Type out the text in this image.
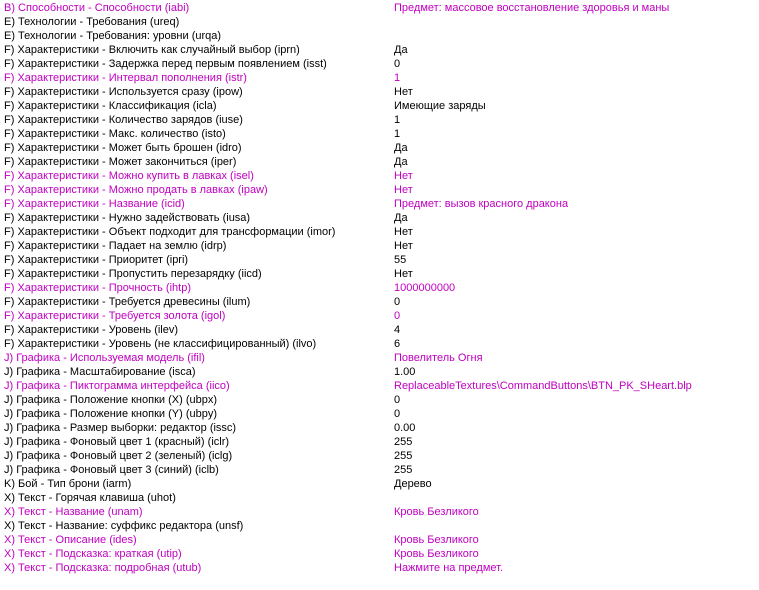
B) Способности - Способности (iabi)	Предмет: массовое восстановление здоровья и маны
E) Технологии - Требования (ureq)
E) Технологии - Требования: уровни (urqa)
F) Характеристики - Включить как случайный выбор (iprn)	Да
F) Характеристики - Задержка перед первым появлением (isst)	0
F) Характеристики - Интервал пополнения (istr)	1
F) Характеристики - Используется сразу (ipow)	Нет
F) Характеристики - Классификация (icla)	Имеющие заряды
F) Характеристики - Количество зарядов (iuse)	1
F) Характеристики - Макс. количество (isto)	1
F) Характеристики - Может быть брошен (idro)	Да
F) Характеристики - Может закончиться (iper)	Да
F) Характеристики - Можно купить в лавках (isel)	Нет
F) Характеристики - Можно продать в лавках (ipaw)	Нет
F) Характеристики - Название (icid)	Предмет: вызов красного дракона
F) Характеристики - Нужно задействовать (iusa)	Да
F) Характеристики - Объект подходит для трансформации (imor)	Нет
F) Характеристики - Падает на землю (idrp)	Нет
F) Характеристики - Приоритет (ipri)	55
F) Характеристики - Пропустить перезарядку (iicd)	Нет
F) Характеристики - Прочность (ihtp)	1000000000
F) Характеристики - Требуется древесины (ilum)	0
F) Характеристики - Требуется золота (igol)	0
F) Характеристики - Уровень (ilev)	4
F) Характеристики - Уровень (не классифицированный) (ilvo)	6
J) Графика - Используемая модель (ifil)	Повелитель Огня
J) Графика - Масштабирование (isca)	1.00
J) Графика - Пиктограмма интерфейса (iico)	ReplaceableTextures\CommandButtons\BTN_PK_SHeart.blp
J) Графика - Положение кнопки (X) (ubpx)	0
J) Графика - Положение кнопки (Y) (ubpy)	0
J) Графика - Размер выборки: редактор (issc)	0.00
J) Графика - Фоновый цвет 1 (красный) (iclr)	255
J) Графика - Фоновый цвет 2 (зеленый) (iclg)	255
J) Графика - Фоновый цвет 3 (синий) (iclb)	255
K) Бой - Тип брони (iarm)	Дерево
X) Текст - Горячая клавиша (uhot)
X) Текст - Название (unam)	Кровь Безликого
X) Текст - Название: суффикс редактора (unsf)
X) Текст - Описание (ides)	Кровь Безликого
X) Текст - Подсказка: краткая (utip)	Кровь Безликого
X) Текст - Подсказка: подробная (utub)	Нажмите на предмет.
